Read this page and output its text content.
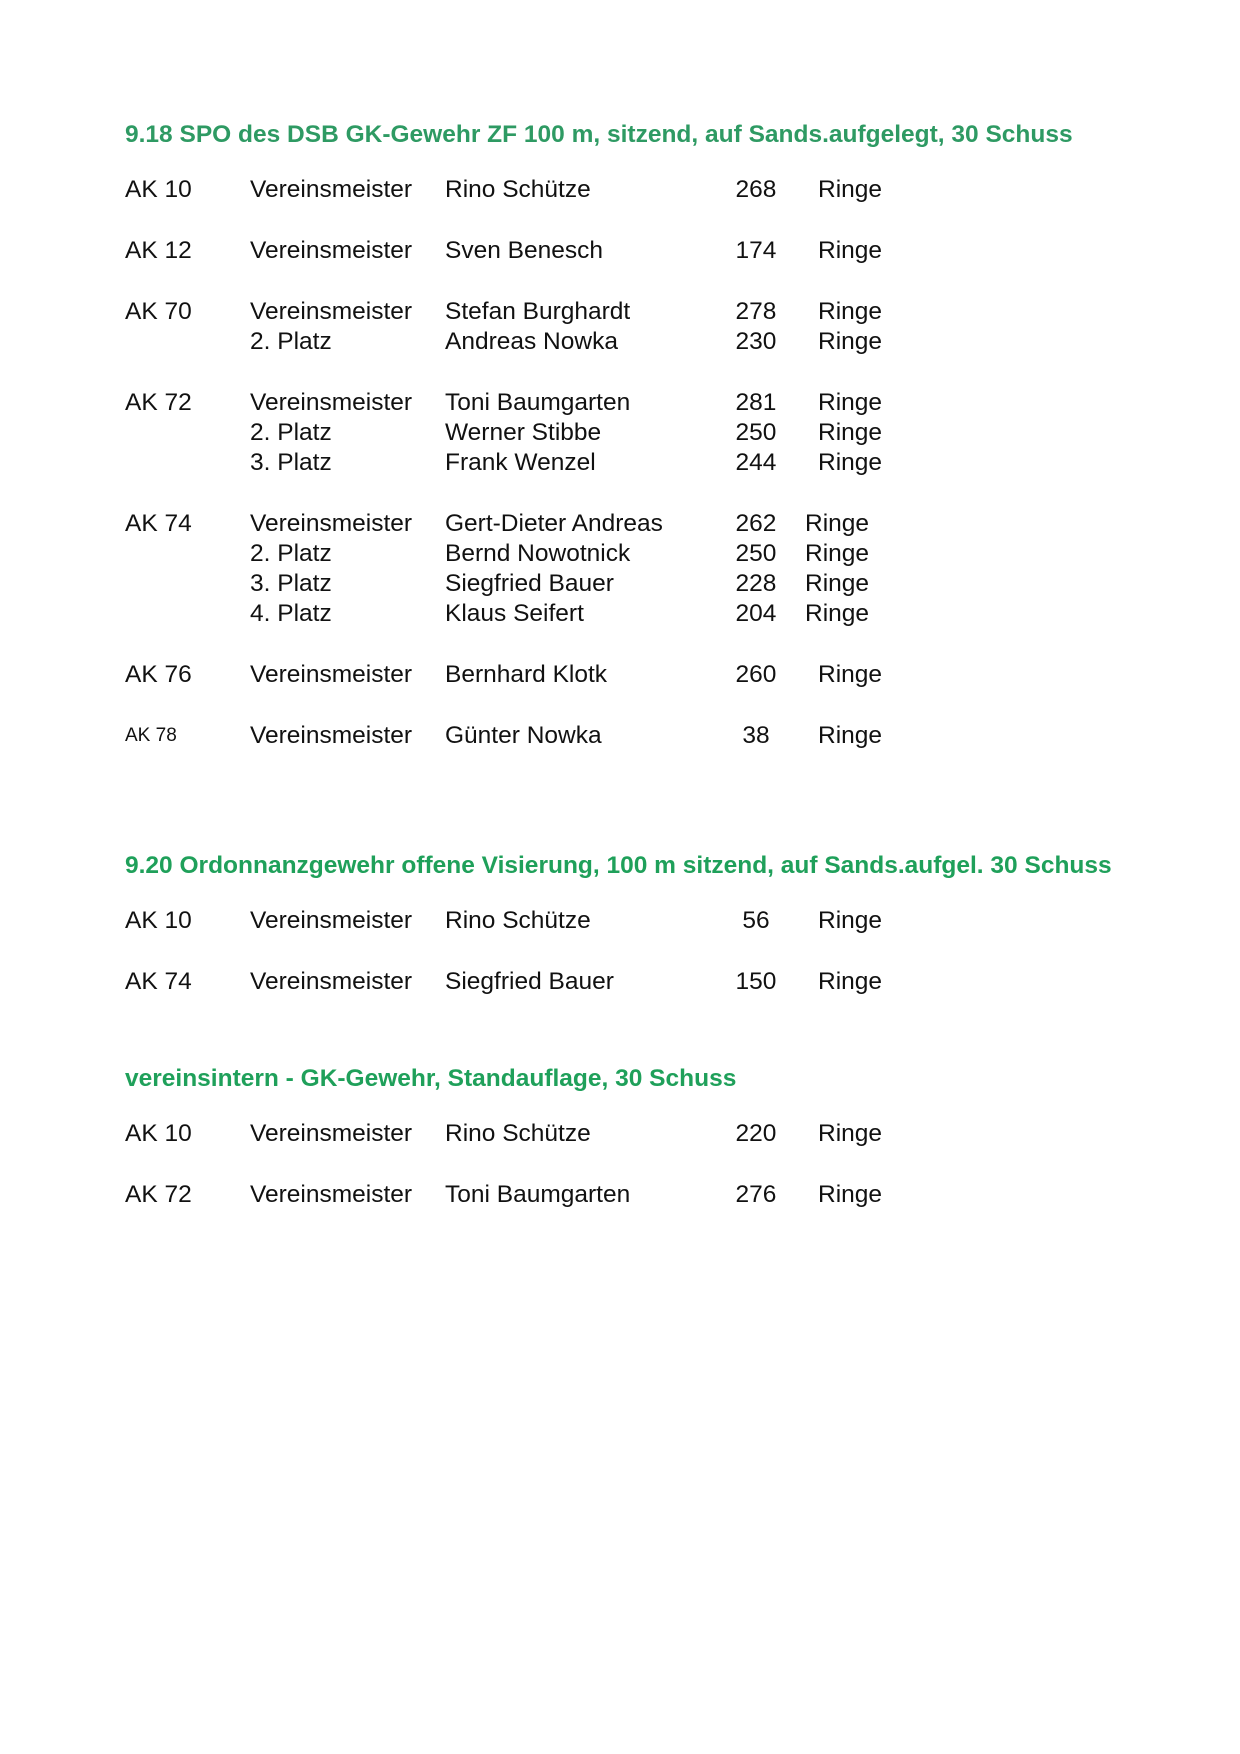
9.18 SPO des DSB GK-Gewehr ZF 100 m, sitzend, auf Sands.aufgelegt, 30 Schuss
AK 10 Vereinsmeister Rino Schütze	268	Ringe
AK 12 Vereinsmeister Sven Benesch	174	Ringe
AK 70 Vereinsmeister Stefan Burghardt	278	Ringe
2. Platz	Andreas Nowka	230	Ringe
AK 72 Vereinsmeister Toni Baumgarten	281	Ringe
2. Platz	Werner Stibbe	250	Ringe
3. Platz	Frank Wenzel	244	Ringe
AK 74 Vereinsmeister Gert-Dieter Andreas	262	Ringe
2. Platz	Bernd Nowotnick	250	Ringe
3. Platz	Siegfried Bauer	228	Ringe
4. Platz	Klaus Seifert	204	Ringe
AK 76 Vereinsmeister Bernhard Klotk	260	Ringe
AK 78	Vereinsmeister Günter Nowka	38	Ringe
9.20 Ordonnanzgewehr offene Visierung, 100 m sitzend, auf Sands.aufgel. 30 Schuss
AK 10 Vereinsmeister Rino Schütze	56	Ringe
AK 74 Vereinsmeister Siegfried Bauer	150	Ringe
vereinsintern - GK-Gewehr, Standauflage, 30 Schuss
AK 10 Vereinsmeister Rino Schütze	220	Ringe
AK 72 Vereinsmeister Toni Baumgarten	276	Ringe
